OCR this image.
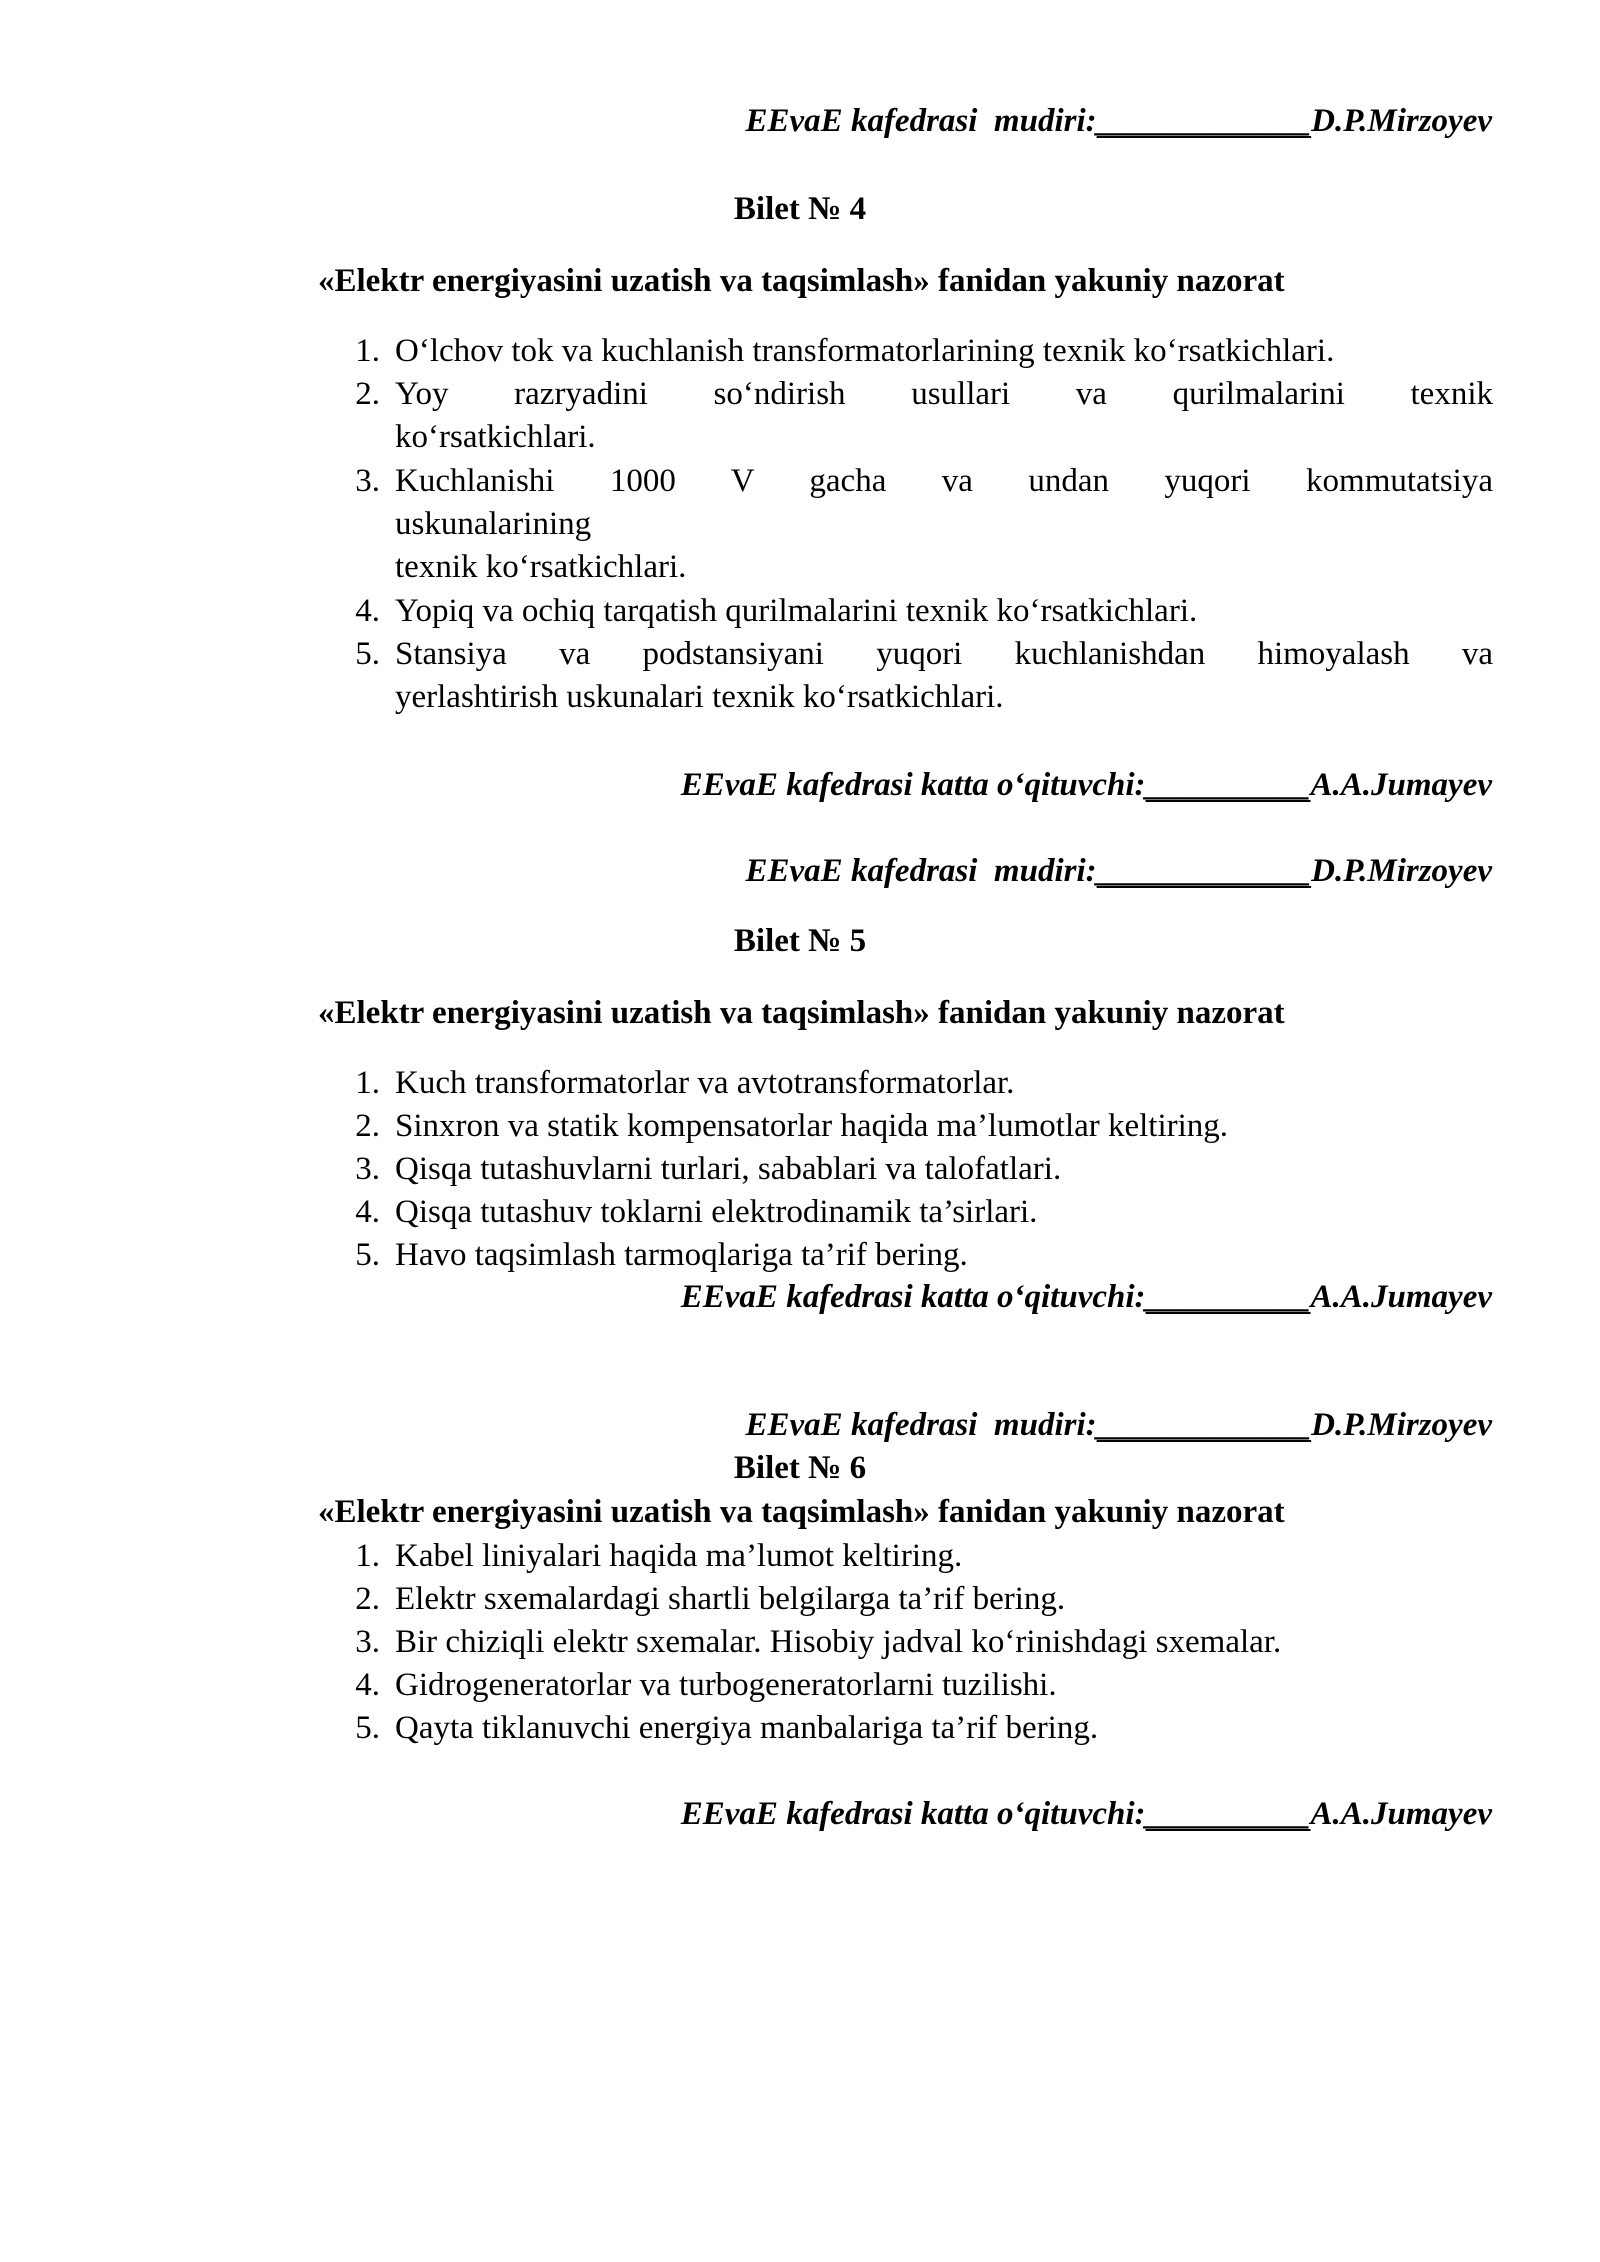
EEvaE kafedrasi  mudiri:_____________D.P.Mirzoyev
Bilet № 4
«Elektr energiyasini uzatish va taqsimlash» fanidan yakuniy nazorat
1. O‘lchov tok va kuchlanish transformatorlarining texnik ko‘rsatkichlari.
2. Yoy razryadini so‘ndirish usullari va qurilmalarini texnik
ko‘rsatkichlari.
3. Kuchlanishi 1000 V gacha va undan yuqori kommutatsiya
uskunalarining
texnik ko‘rsatkichlari.
4. Yopiq va ochiq tarqatish qurilmalarini texnik ko‘rsatkichlari.
5. Stansiya va podstansiyani yuqori kuchlanishdan himoyalash va
yerlashtirish uskunalari texnik ko‘rsatkichlari.
EEvaE kafedrasi katta o‘qituvchi:__________A.A.Jumayev
EEvaE kafedrasi  mudiri:_____________D.P.Mirzoyev
Bilet № 5
«Elektr energiyasini uzatish va taqsimlash» fanidan yakuniy nazorat
1. Kuch transformatorlar va avtotransformatorlar.
2. Sinxron va statik kompensatorlar haqida ma’lumotlar keltiring.
3. Qisqa tutashuvlarni turlari, sabablari va talofatlari.
4. Qisqa tutashuv toklarni elektrodinamik ta’sirlari.
5. Havo taqsimlash tarmoqlariga ta’rif bering.
EEvaE kafedrasi katta o‘qituvchi:__________A.A.Jumayev
EEvaE kafedrasi  mudiri:_____________D.P.Mirzoyev
Bilet № 6
«Elektr energiyasini uzatish va taqsimlash» fanidan yakuniy nazorat
1. Kabel liniyalari haqida ma’lumot keltiring.
2. Elektr sxemalardagi shartli belgilarga ta’rif bering.
3. Bir chiziqli elektr sxemalar. Hisobiy jadval ko‘rinishdagi sxemalar.
4. Gidrogeneratorlar va turbogeneratorlarni tuzilishi.
5. Qayta tiklanuvchi energiya manbalariga ta’rif bering.
EEvaE kafedrasi katta o‘qituvchi:__________A.A.Jumayev
